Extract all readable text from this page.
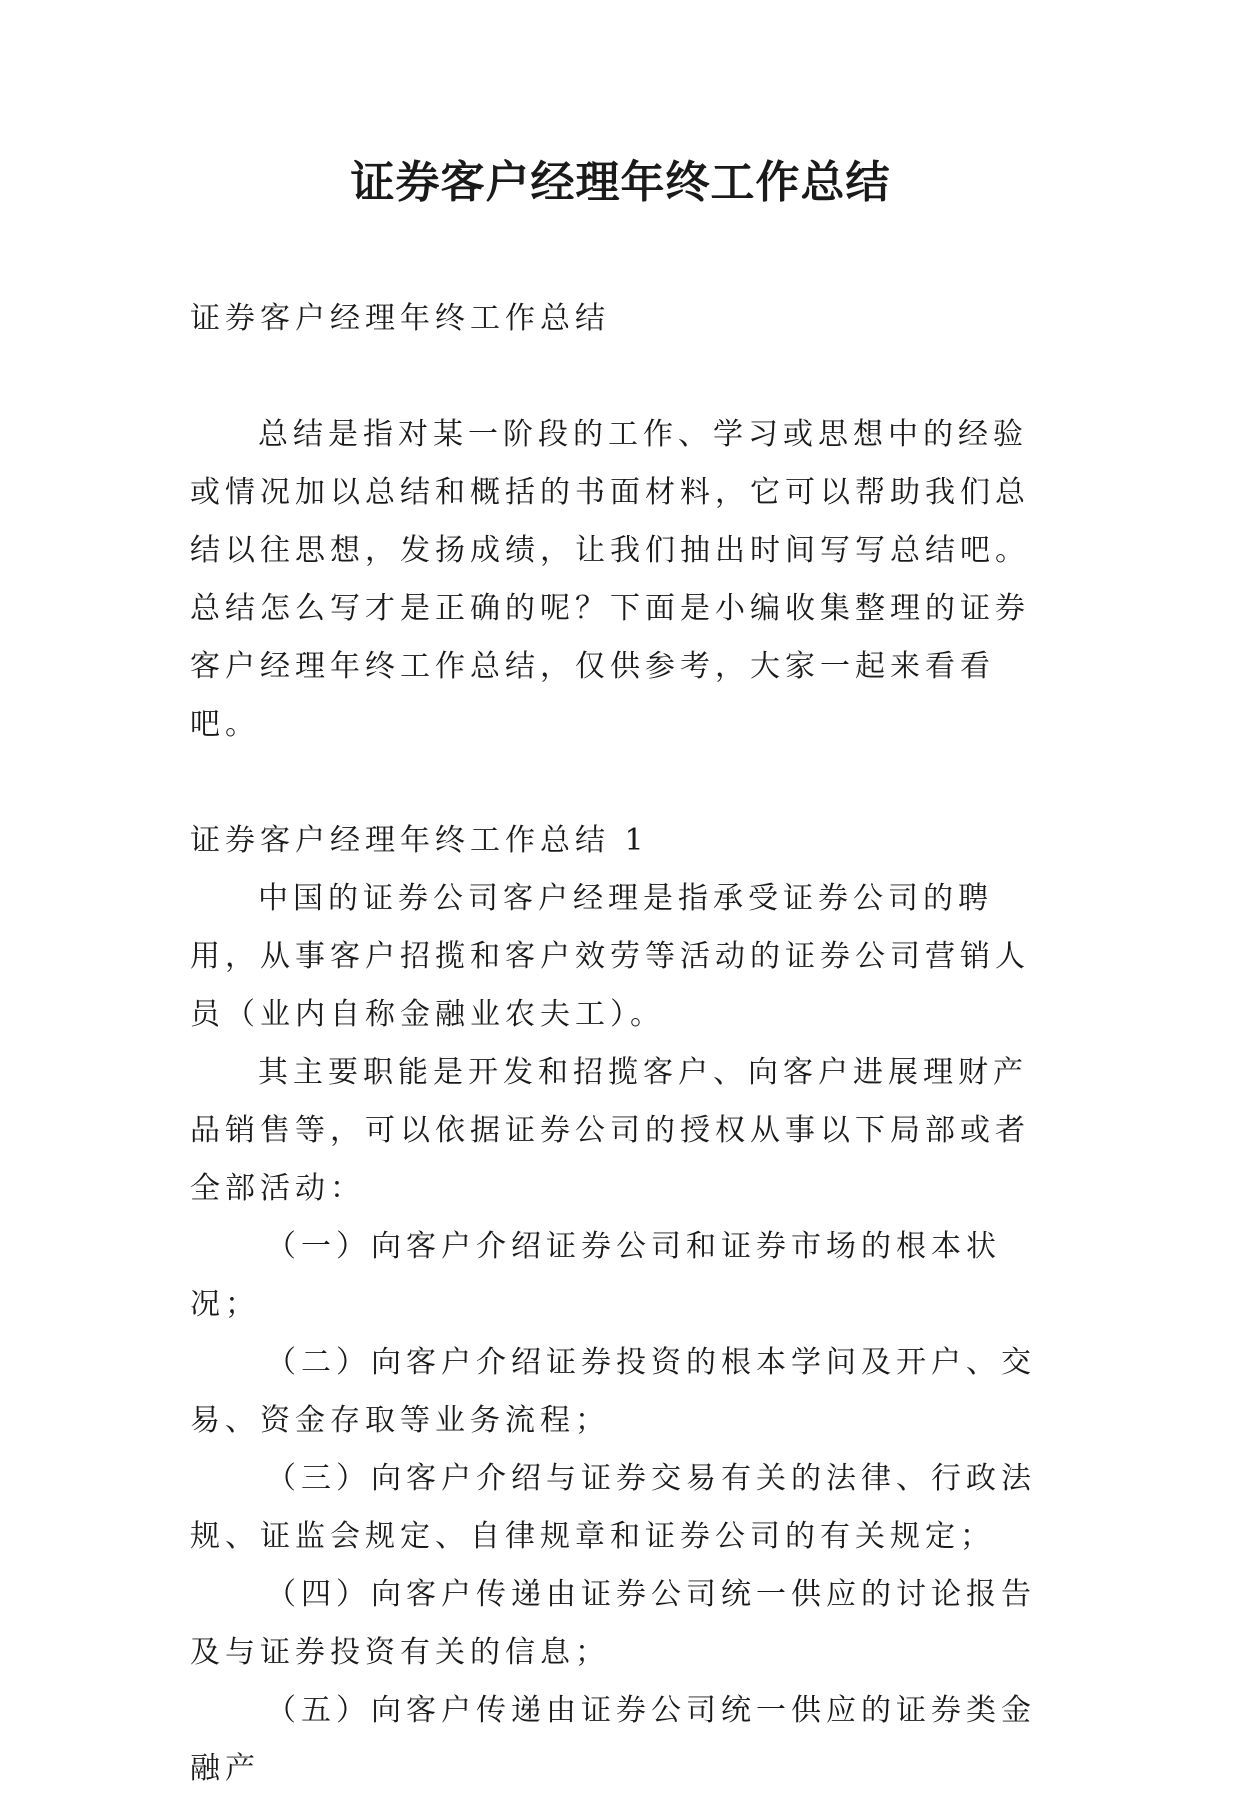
证券客户经理年终工作总结

证券客户经理年终工作总结

总结是指对某一阶段的工作、学习或思想中的经验或情况加以总结和概括的书面材料，它可以帮助我们总结以往思想，发扬成绩，让我们抽出时间写写总结吧。总结怎么写才是正确的呢？下面是小编收集整理的证券客户经理年终工作总结，仅供参考，大家一起来看看吧。

证券客户经理年终工作总结 1

中国的证券公司客户经理是指承受证券公司的聘用，从事客户招揽和客户效劳等活动的证券公司营销人员（业内自称金融业农夫工）。

其主要职能是开发和招揽客户、向客户进展理财产品销售等，可以依据证券公司的授权从事以下局部或者全部活动：

（一）向客户介绍证券公司和证券市场的根本状况；

（二）向客户介绍证券投资的根本学问及开户、交易、资金存取等业务流程；

（三）向客户介绍与证券交易有关的法律、行政法规、证监会规定、自律规章和证券公司的有关规定；

（四）向客户传递由证券公司统一供应的讨论报告及与证券投资有关的信息；

（五）向客户传递由证券公司统一供应的证券类金融产
